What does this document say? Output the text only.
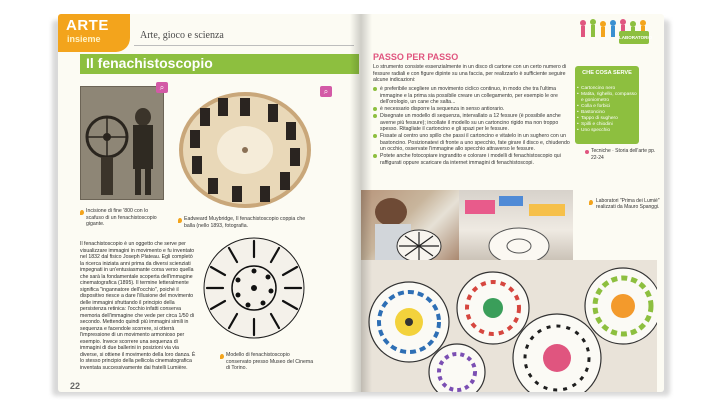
ARTE
insieme	Arte, gioco e scienza
Il fenachistoscopio
⌕	⌕
Incisione di fine '800 con lo scafuso di un fenachistoscopio gigante.
Eadweard Muybridge, Il fenachistoscopio coppia che balla (nello 1893, fotografia.

Il fenachistoscopio è un oggetto che serve per visualizzare immagini in movimento e fu inventato nel 1832 dal fisico Joseph Plateau. Egli completò la ricerca iniziata anni prima da diversi scienziati impegnati in un'entusiasmante corsa verso quella che sarà la fondamentale scoperta dell'immagine cinematografica (1895). Il termine letteralmente significa "ingannatore dell'occhio", poiché il dispositivo riesce a dare l'illusione del movimento delle immagini sfruttando il principio della persistenza retinica: l'occhio infatti conserva memoria dell'immagine che vede per circa 1/50 di secondo. Mettendo quindi più immagini simili in sequenza e facendole scorrere, si otterrà l'impressione di un movimento armonioso per esempio. Invece scorrere una sequenza di immagini di due ballerini in posizioni via via diverse, si ottiene il movimento della loro danza. È lo stesso principio della pellicola cinematografica inventata successivamente dai fratelli Lumière.

Modello di fenachistoscopio conservato presso Museo del Cinema di Torino.
22
LABORATORIO
PASSO PER PASSO

Lo strumento consiste essenzialmente in un disco di cartone con un certo numero di fessure radiali e con figure dipinte su una faccia, per realizzarlo è sufficiente seguire alcune indicazioni:

è preferibile scegliere un movimento ciclico continuo, in modo che tra l'ultima immagine e la prima sia possibile creare un collegamento, per esempio le ore dell'orologio, un cane che salta...
è necessario disporre la sequenza in senso antiorario.
Disegnate un modello di sequenza, intervallato a 12 fessure (è possibile anche averne più fessure); incollate il modello su un cartoncino rigido ma non troppo spesso. Ritagliate il cartoncino e gli spazi per le fessure.
Fissate al centro uno spillo che passi il cartoncino e vitatelo in un sughero con un bastoncino. Posizionatevi di fronte a uno specchio, fate girare il disco e, chiudendo un occhio, osservate l'immagine allo specchio attraverso le fessure.
Potete anche fotocopiare ingrandito e colorare i modelli di fenachistoscopio qui raffigurati oppure scaricare da internet immagini di fenachistoscopi.
CHE COSA SERVE
• Cartoncino nero
• Matita, righello, compasso e goniometro
• Colla e forbici
• Bastoncino
• Tappo di sughero
• Spilli e chiodini
• Uno specchio
Tecniche · Storia dell'arte pp. 22-24
Laboratori "Prima dei Lumiè" realizzati da Mauro Spanggi.
